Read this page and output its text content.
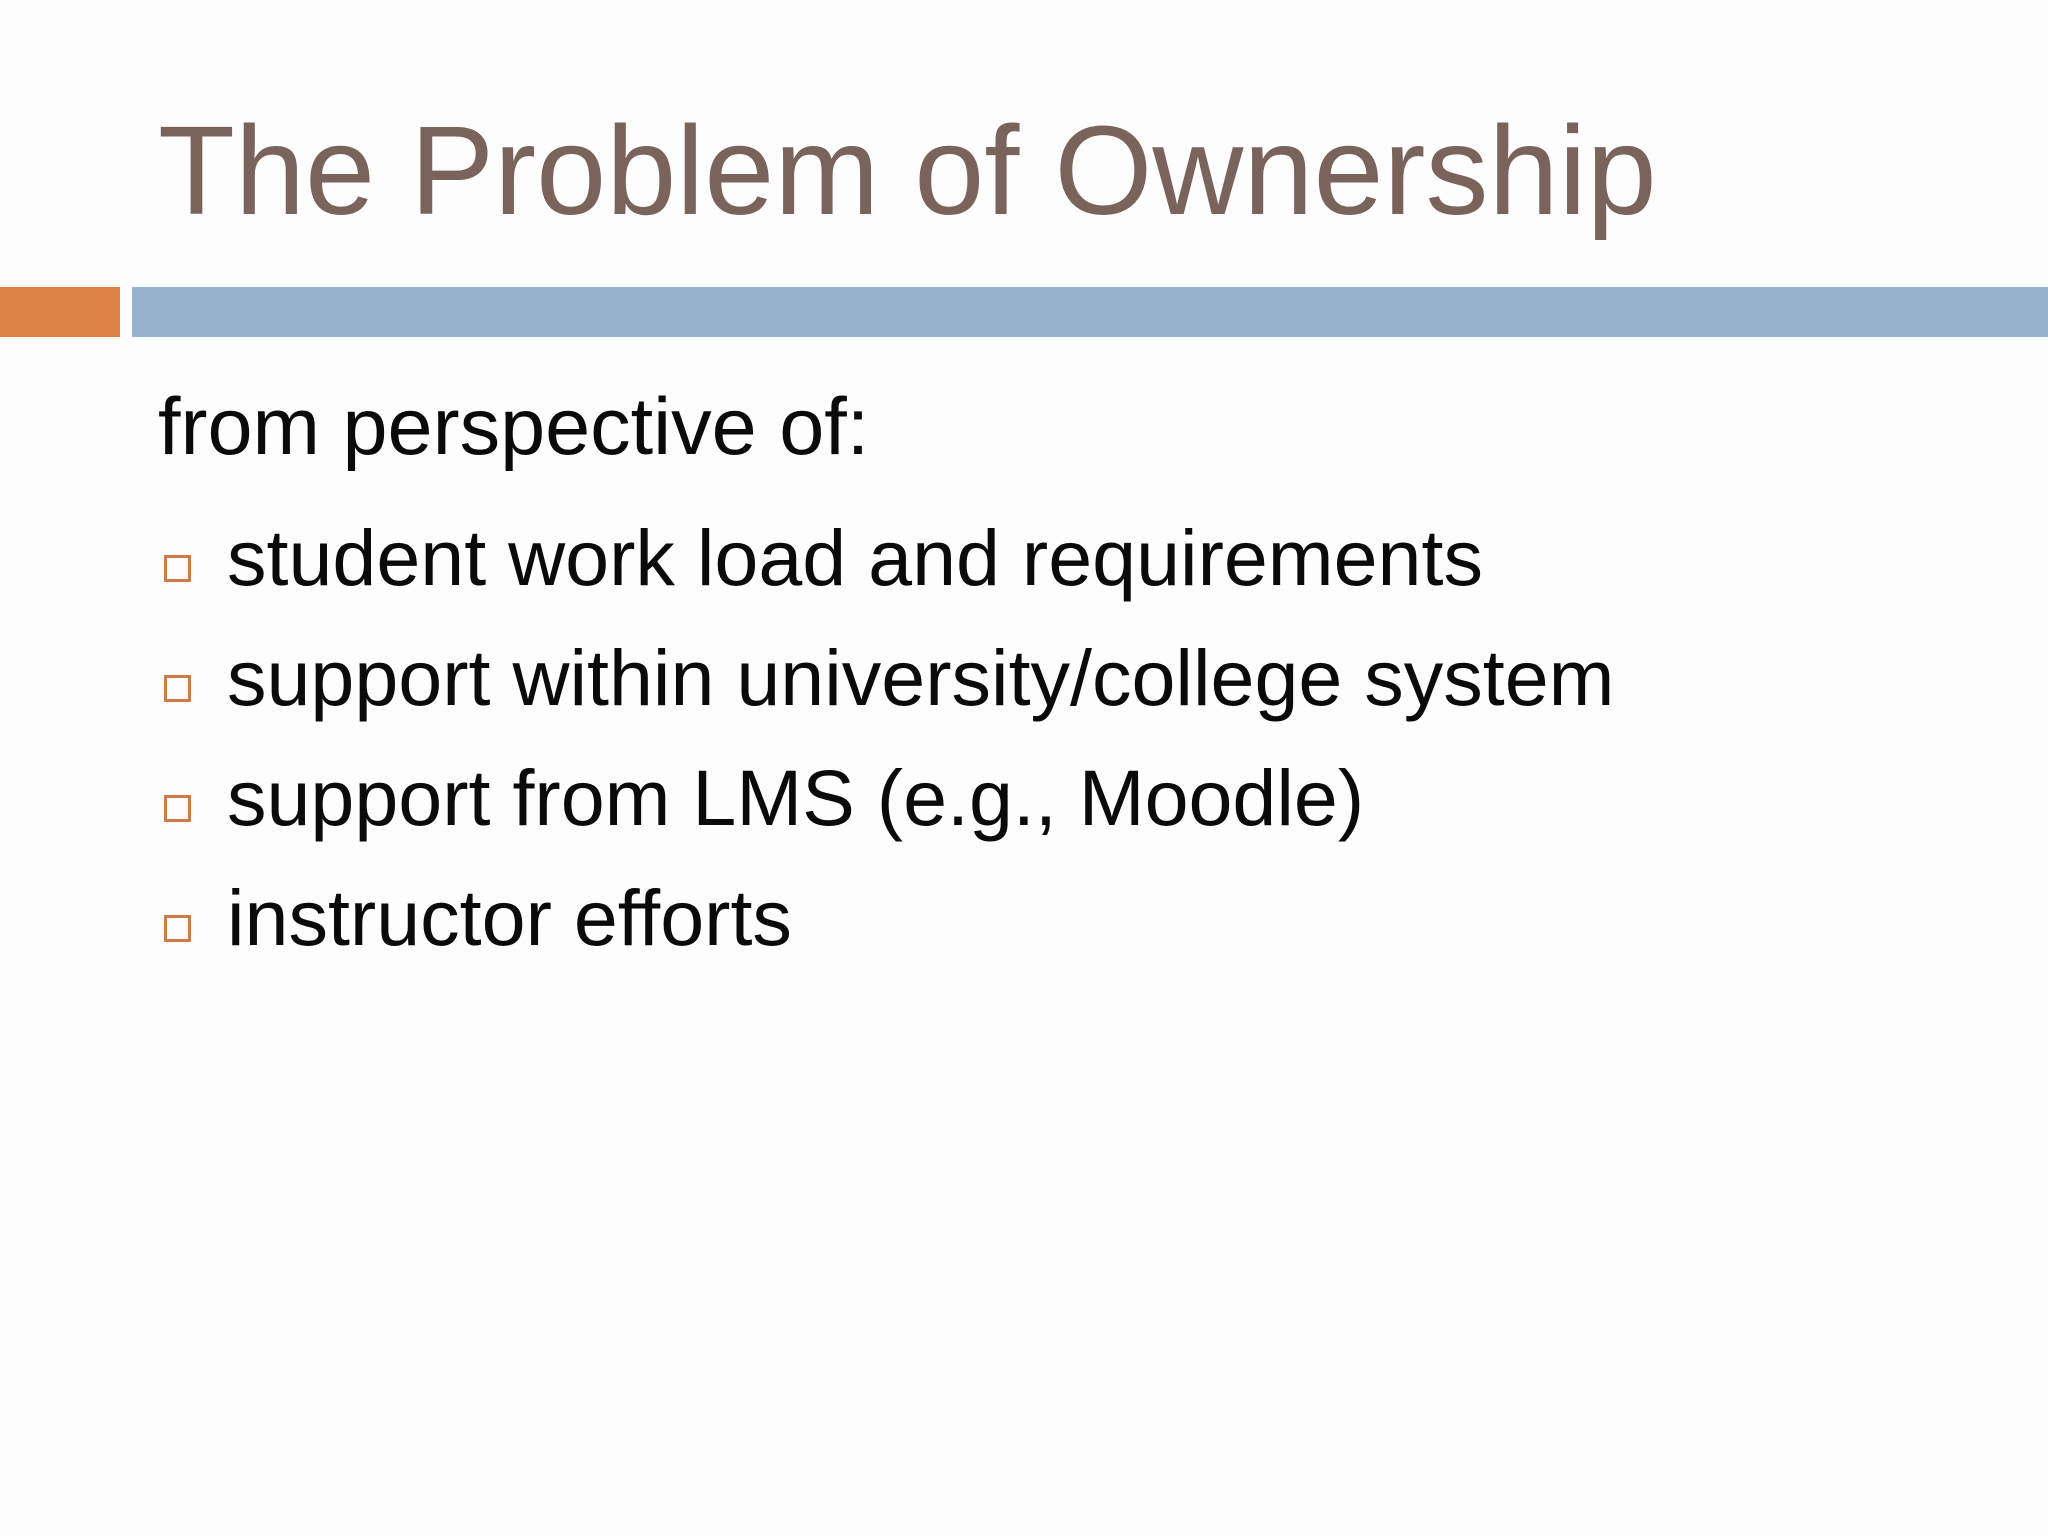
The Problem of Ownership

from perspective of:

student work load and requirements
support within university/college system
support from LMS (e.g., Moodle)
instructor efforts
